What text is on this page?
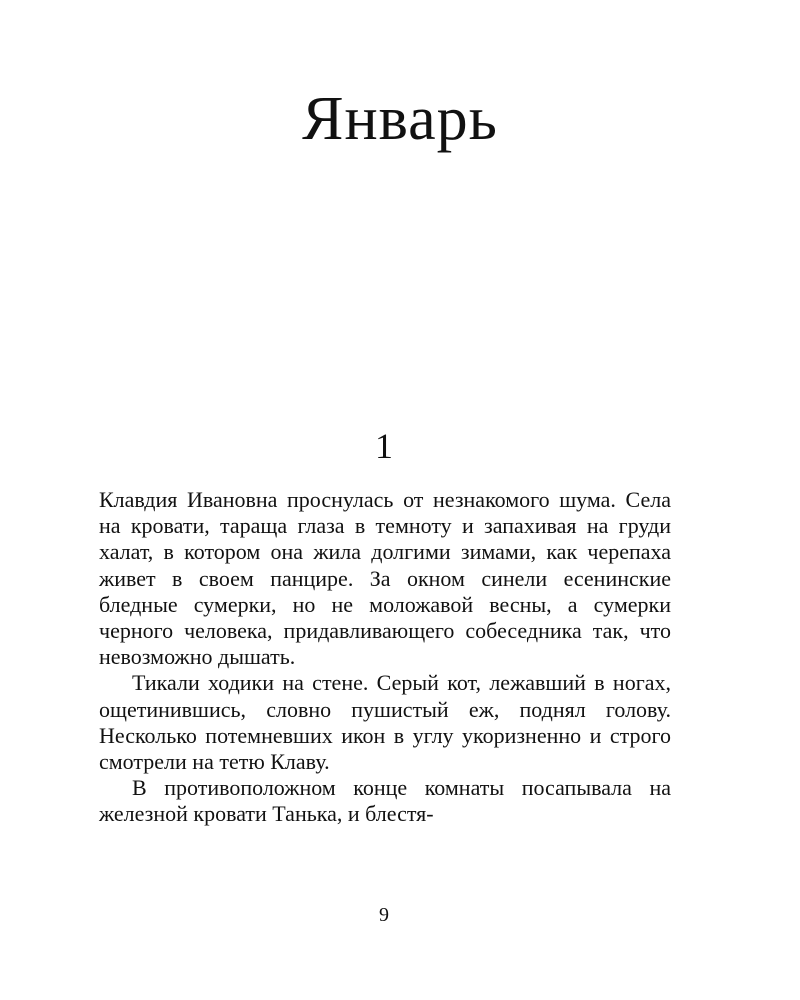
Январь
1

Клавдия Ивановна проснулась от незнакомого шума. Села на кровати, тараща глаза в темноту и запахивая на груди халат, в котором она жила долгими зимами, как черепаха живет в своем панцире. За окном синели есенинские бледные сумерки, но не моложавой весны, а сумерки черного человека, придавливающего собеседника так, что невозможно дышать.

Тикали ходики на стене. Серый кот, лежавший в ногах, ощетинившись, словно пушистый еж, поднял голову. Несколько потемневших икон в углу укоризненно и строго смотрели на тетю Клаву.

В противоположном конце комнаты посапывала на железной кровати Танька, и блестя-

9
